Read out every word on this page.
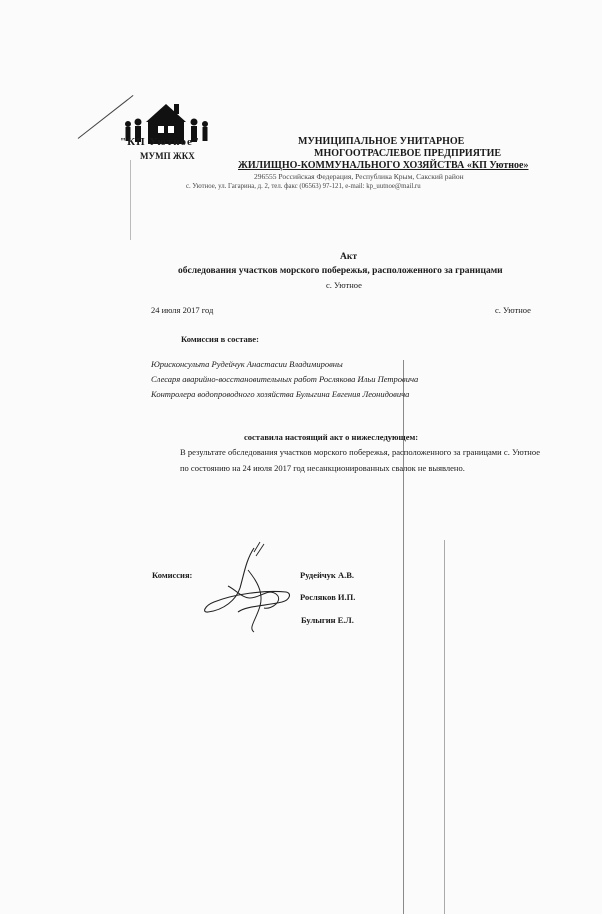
"КП Уютное"
МУМП ЖКХ
МУНИЦИПАЛЬНОЕ УНИТАРНОЕ
МНОГООТРАСЛЕВОЕ ПРЕДПРИЯТИЕ
ЖИЛИЩНО-КОММУНАЛЬНОГО ХОЗЯЙСТВА «КП Уютное»
296555 Российская Федерация, Республика Крым, Сакский район
с. Уютное, ул. Гагарина, д. 2, тел. факс (06563) 97-121, e-mail: kp_uutnoe@mail.ru
Акт
обследования участков морского побережья, расположенного за границами
с. Уютное
24 июля 2017 год	с. Уютное
Комиссия в составе:
Юрисконсульта Рудейчук Анастасии Владимировны
Слесаря аварийно-восстановительных работ Рослякова Ильи Петровича
Контролера водопроводного хозяйства Булыгина Евгения Леонидовича
составила настоящий акт о нижеследующем:
В результате обследования участков морского побережья, расположенного за границами с. Уютное по состоянию на 24 июля 2017 год несанкционированных свалок не выявлено.
Комиссия:	Рудейчук А.В.
Росляков И.П.
Булыгин Е.Л.
